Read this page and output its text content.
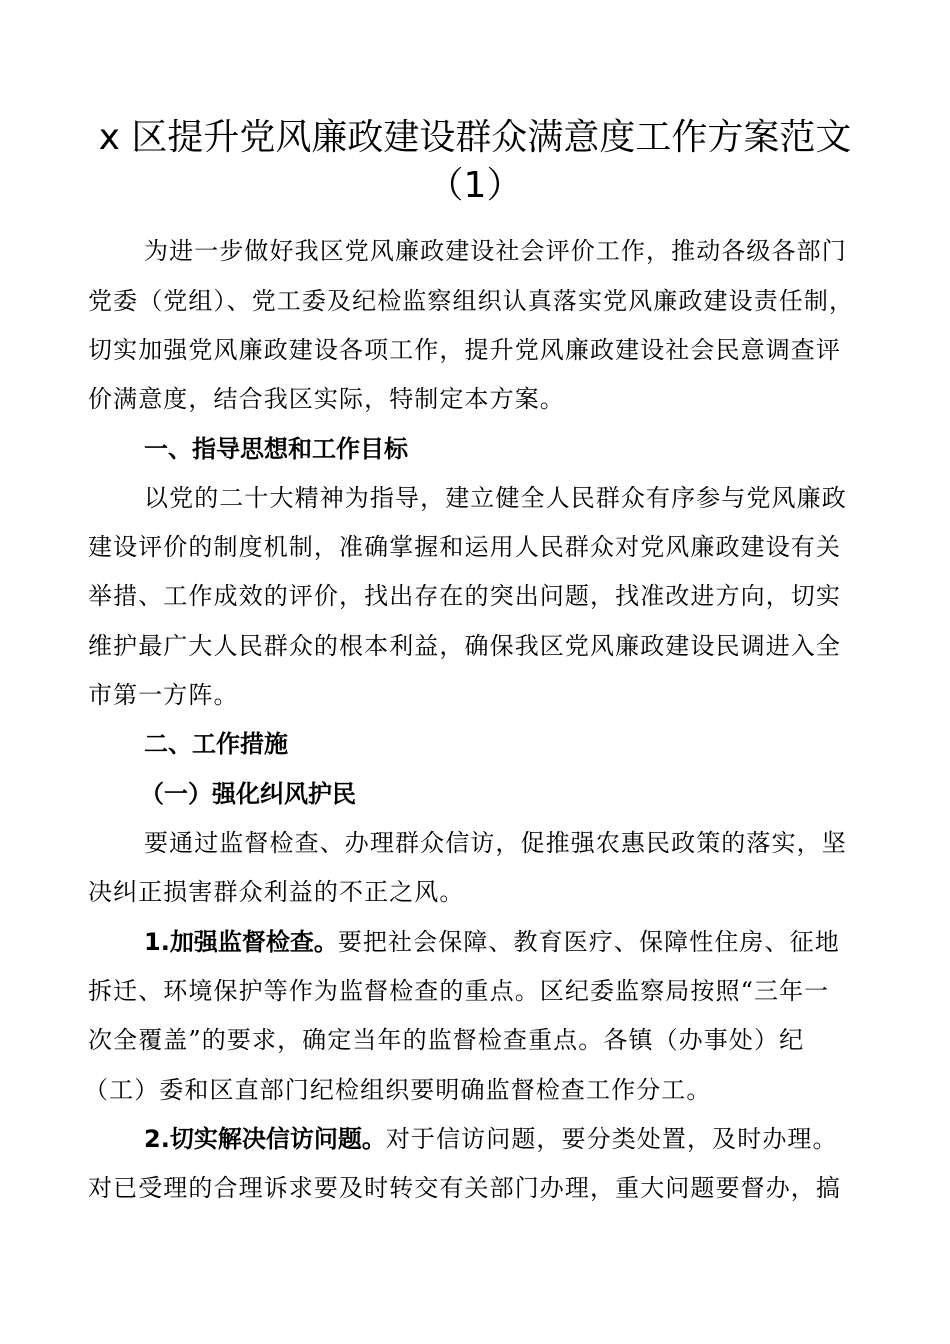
x 区提升党风廉政建设群众满意度工作方案范文
（1）
为进一步做好我区党风廉政建设社会评价工作，推动各级各部门
党委（党组）、党工委及纪检监察组织认真落实党风廉政建设责任制，
切实加强党风廉政建设各项工作，提升党风廉政建设社会民意调查评
价满意度，结合我区实际，特制定本方案。
一、指导思想和工作目标
以党的二十大精神为指导，建立健全人民群众有序参与党风廉政
建设评价的制度机制，准确掌握和运用人民群众对党风廉政建设有关
举措、工作成效的评价，找出存在的突出问题，找准改进方向，切实
维护最广大人民群众的根本利益，确保我区党风廉政建设民调进入全
市第一方阵。
二、工作措施
（一）强化纠风护民
要通过监督检查、办理群众信访，促推强农惠民政策的落实，坚
决纠正损害群众利益的不正之风。
1.加强监督检查。要把社会保障、教育医疗、保障性住房、征地
拆迁、环境保护等作为监督检查的重点。区纪委监察局按照“三年一
次全覆盖”的要求，确定当年的监督检查重点。各镇（办事处）纪
（工）委和区直部门纪检组织要明确监督检查工作分工。
2.切实解决信访问题。对于信访问题，要分类处置，及时办理。
对已受理的合理诉求要及时转交有关部门办理，重大问题要督办，搞
